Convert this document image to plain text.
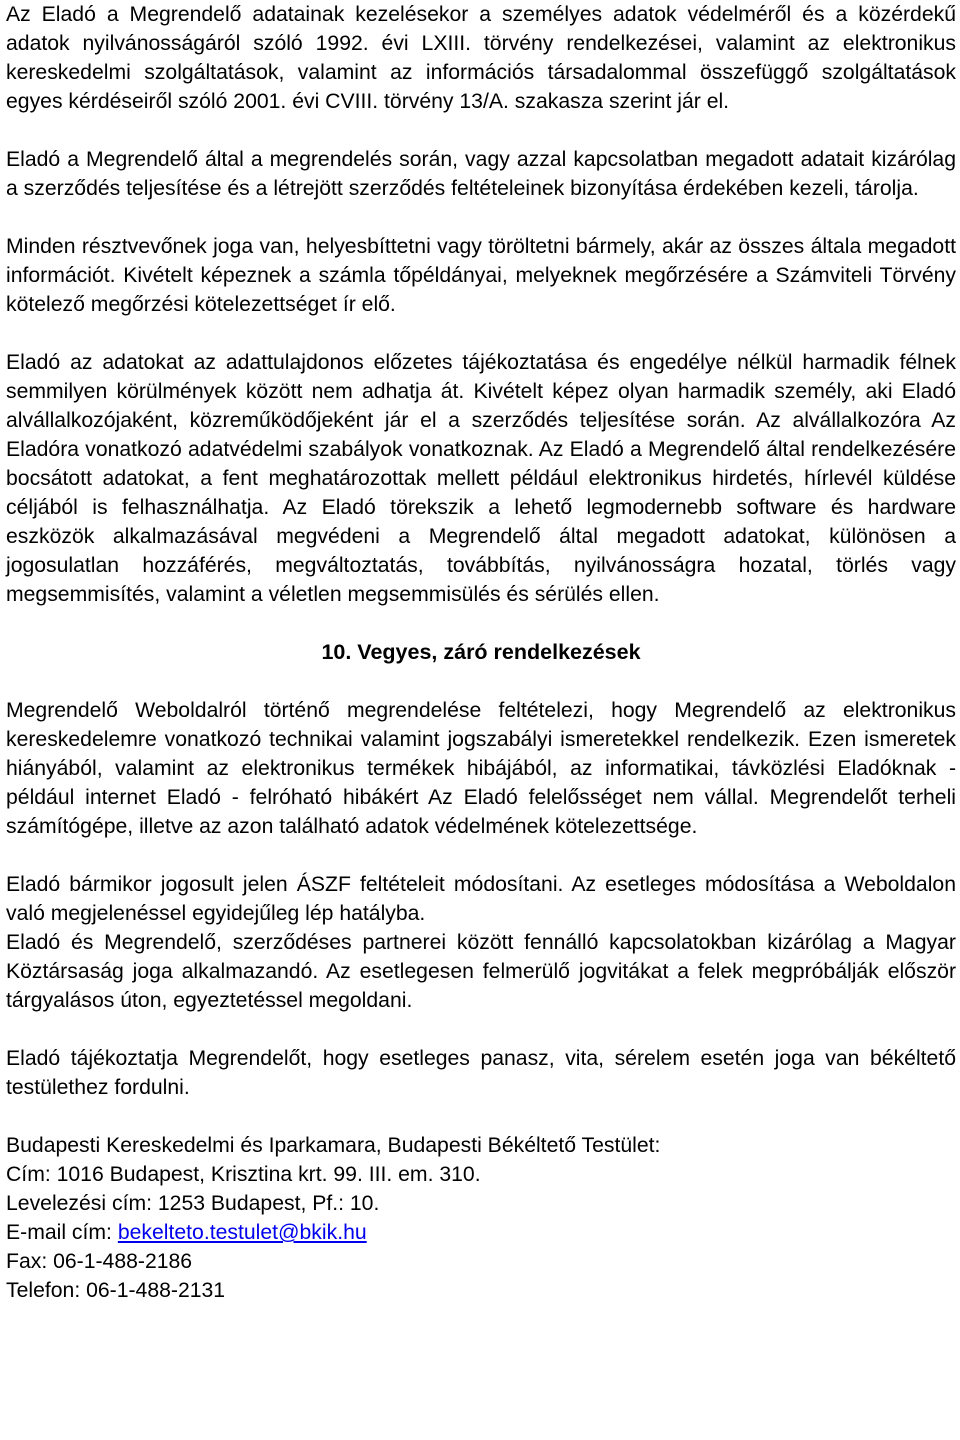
Az Eladó a Megrendelő adatainak kezelésekor a személyes adatok védelméről és a közérdekű adatok nyilvánosságáról szóló 1992. évi LXIII. törvény rendelkezései, valamint az elektronikus kereskedelmi szolgáltatások, valamint az információs társadalommal összefüggő szolgáltatások egyes kérdéseiről szóló 2001. évi CVIII. törvény 13/A. szakasza szerint jár el.

Eladó a Megrendelő által a megrendelés során, vagy azzal kapcsolatban megadott adatait kizárólag a szerződés teljesítése és a létrejött szerződés feltételeinek bizonyítása érdekében kezeli, tárolja.

Minden résztvevőnek joga van, helyesbíttetni vagy töröltetni bármely, akár az összes általa megadott információt. Kivételt képeznek a számla tőpéldányai, melyeknek megőrzésére a Számviteli Törvény kötelező megőrzési kötelezettséget ír elő.

Eladó az adatokat az adattulajdonos előzetes tájékoztatása és engedélye nélkül harmadik félnek semmilyen körülmények között nem adhatja át. Kivételt képez olyan harmadik személy, aki Eladó alvállalkozójaként, közreműködőjeként jár el a szerződés teljesítése során. Az alvállalkozóra Az Eladóra vonatkozó adatvédelmi szabályok vonatkoznak. Az Eladó a Megrendelő által rendelkezésére bocsátott adatokat, a fent meghatározottak mellett például elektronikus hirdetés, hírlevél küldése céljából is felhasználhatja. Az Eladó törekszik a lehető legmodernebb software és hardware eszközök alkalmazásával megvédeni a Megrendelő által megadott adatokat, különösen a jogosulatlan hozzáférés, megváltoztatás, továbbítás, nyilvánosságra hozatal, törlés vagy megsemmisítés, valamint a véletlen megsemmisülés és sérülés ellen.

10. Vegyes, záró rendelkezések

Megrendelő Weboldalról történő megrendelése feltételezi, hogy Megrendelő az elektronikus kereskedelemre vonatkozó technikai valamint jogszabályi ismeretekkel rendelkezik. Ezen ismeretek hiányából, valamint az elektronikus termékek hibájából, az informatikai, távközlési Eladóknak - például internet Eladó - felróható hibákért Az Eladó felelősséget nem vállal. Megrendelőt terheli számítógépe, illetve az azon található adatok védelmének kötelezettsége.

Eladó bármikor jogosult jelen ÁSZF feltételeit módosítani. Az esetleges módosítása a Weboldalon való megjelenéssel egyidejűleg lép hatályba.

Eladó és Megrendelő, szerződéses partnerei között fennálló kapcsolatokban kizárólag a Magyar Köztársaság joga alkalmazandó. Az esetlegesen felmerülő jogvitákat a felek megpróbálják először tárgyalásos úton, egyeztetéssel megoldani.

Eladó tájékoztatja Megrendelőt, hogy esetleges panasz, vita, sérelem esetén joga van békéltető testülethez fordulni.

Budapesti Kereskedelmi és Iparkamara, Budapesti Békéltető Testület:

Cím: 1016 Budapest, Krisztina krt. 99. III. em. 310.

Levelezési cím: 1253 Budapest, Pf.: 10.

E-mail cím: bekelteto.testulet@bkik.hu

Fax: 06-1-488-2186

Telefon: 06-1-488-2131
